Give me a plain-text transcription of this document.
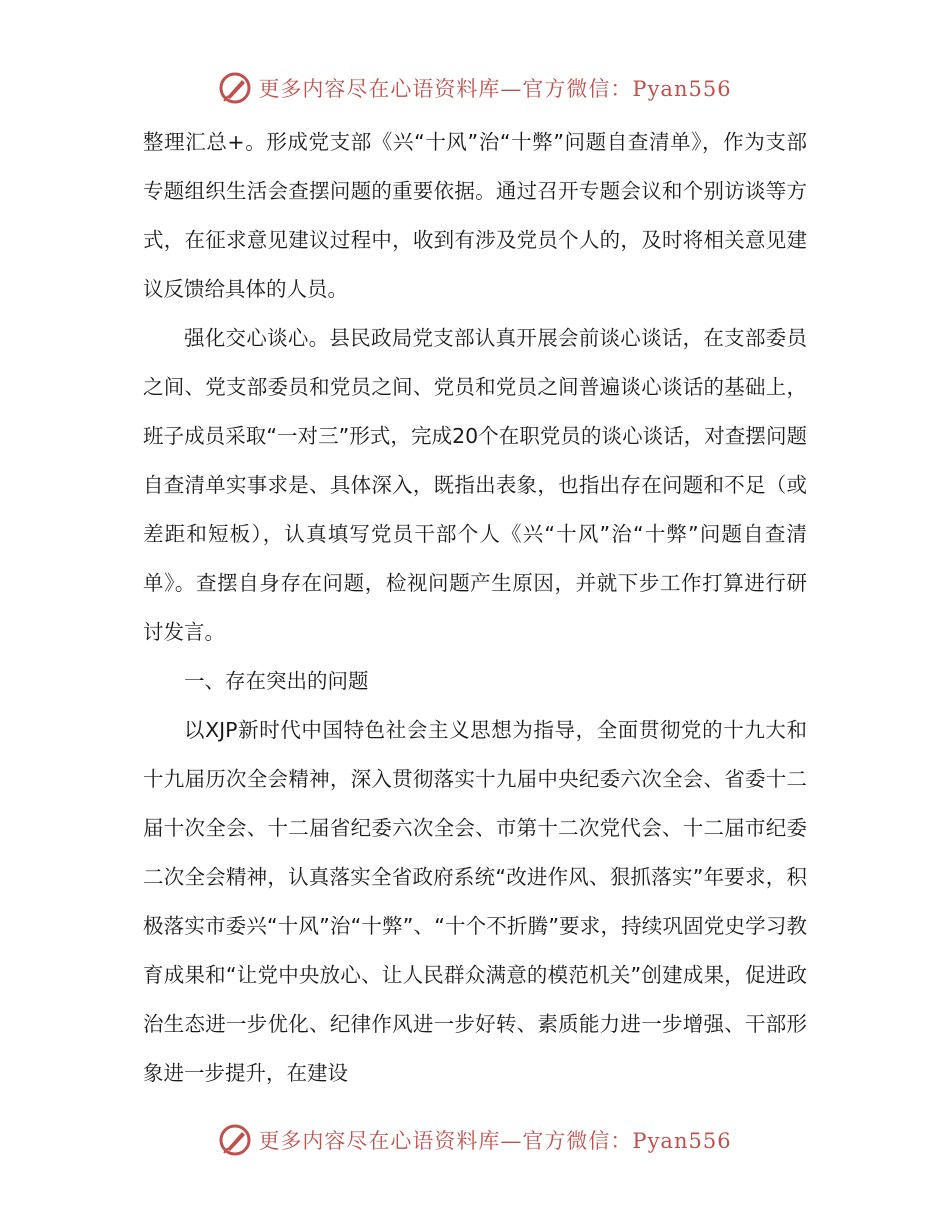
更多内容尽在心语资料库—官方微信：Pyan556

整理汇总+。形成党支部《兴“十风”治“十弊”问题自查清单》，作为支部专题组织生活会查摆问题的重要依据。通过召开专题会议和个别访谈等方式，在征求意见建议过程中，收到有涉及党员个人的，及时将相关意见建议反馈给具体的人员。

强化交心谈心。县民政局党支部认真开展会前谈心谈话，在支部委员之间、党支部委员和党员之间、党员和党员之间普遍谈心谈话的基础上，班子成员采取“一对三”形式，完成20个在职党员的谈心谈话，对查摆问题自查清单实事求是、具体深入，既指出表象，也指出存在问题和不足（或差距和短板），认真填写党员干部个人《兴“十风”治“十弊”问题自查清单》。查摆自身存在问题，检视问题产生原因，并就下步工作打算进行研讨发言。

一、存在突出的问题

以XJP新时代中国特色社会主义思想为指导，全面贯彻党的十九大和十九届历次全会精神，深入贯彻落实十九届中央纪委六次全会、省委十二届十次全会、十二届省纪委六次全会、市第十二次党代会、十二届市纪委二次全会精神，认真落实全省政府系统“改进作风、狠抓落实”年要求，积极落实市委兴“十风”治“十弊”、“十个不折腾”要求，持续巩固党史学习教育成果和“让党中央放心、让人民群众满意的模范机关”创建成果，促进政治生态进一步优化、纪律作风进一步好转、素质能力进一步增强、干部形象进一步提升，在建设

更多内容尽在心语资料库—官方微信：Pyan556
